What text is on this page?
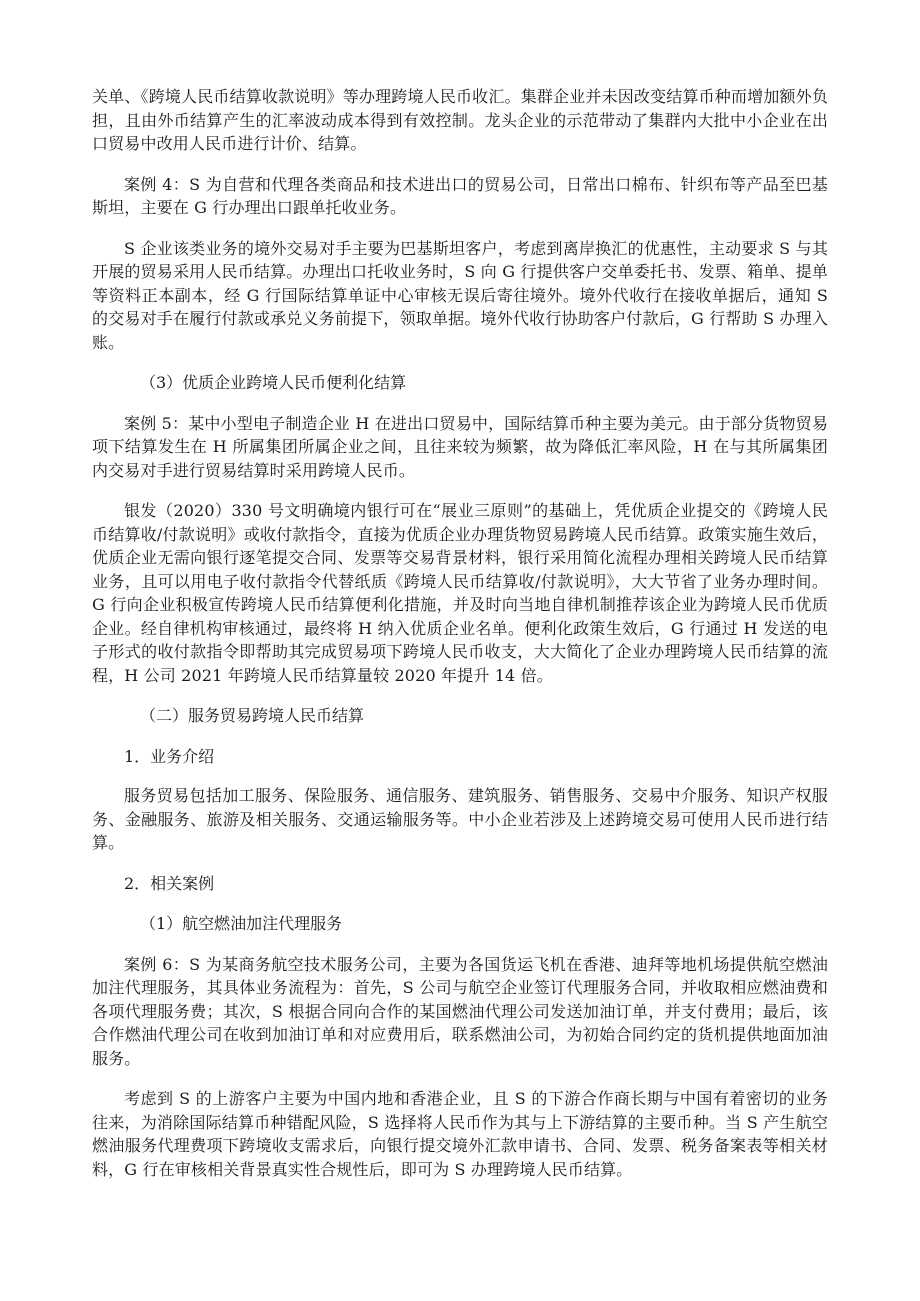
关单、《跨境人民币结算收款说明》等办理跨境人民币收汇。集群企业并未因改变结算币种而增加额外负担，且由外币结算产生的汇率波动成本得到有效控制。龙头企业的示范带动了集群内大批中小企业在出口贸易中改用人民币进行计价、结算。

案例 4：S 为自营和代理各类商品和技术进出口的贸易公司，日常出口棉布、针织布等产品至巴基斯坦，主要在 G 行办理出口跟单托收业务。

S 企业该类业务的境外交易对手主要为巴基斯坦客户，考虑到离岸换汇的优惠性，主动要求 S 与其开展的贸易采用人民币结算。办理出口托收业务时，S 向 G 行提供客户交单委托书、发票、箱单、提单等资料正本副本，经 G 行国际结算单证中心审核无误后寄往境外。境外代收行在接收单据后，通知 S 的交易对手在履行付款或承兑义务前提下，领取单据。境外代收行协助客户付款后，G 行帮助 S 办理入账。

（3）优质企业跨境人民币便利化结算

案例 5：某中小型电子制造企业 H 在进出口贸易中，国际结算币种主要为美元。由于部分货物贸易项下结算发生在 H 所属集团所属企业之间，且往来较为频繁，故为降低汇率风险，H 在与其所属集团内交易对手进行贸易结算时采用跨境人民币。

银发（2020）330 号文明确境内银行可在“展业三原则”的基础上，凭优质企业提交的《跨境人民币结算收/付款说明》或收付款指令，直接为优质企业办理货物贸易跨境人民币结算。政策实施生效后，优质企业无需向银行逐笔提交合同、发票等交易背景材料，银行采用简化流程办理相关跨境人民币结算业务，且可以用电子收付款指令代替纸质《跨境人民币结算收/付款说明》，大大节省了业务办理时间。G 行向企业积极宣传跨境人民币结算便利化措施，并及时向当地自律机制推荐该企业为跨境人民币优质企业。经自律机构审核通过，最终将 H 纳入优质企业名单。便利化政策生效后，G 行通过 H 发送的电子形式的收付款指令即帮助其完成贸易项下跨境人民币收支，大大简化了企业办理跨境人民币结算的流程，H 公司 2021 年跨境人民币结算量较 2020 年提升 14 倍。

（二）服务贸易跨境人民币结算

1．业务介绍

服务贸易包括加工服务、保险服务、通信服务、建筑服务、销售服务、交易中介服务、知识产权服务、金融服务、旅游及相关服务、交通运输服务等。中小企业若涉及上述跨境交易可使用人民币进行结算。

2．相关案例

（1）航空燃油加注代理服务

案例 6：S 为某商务航空技术服务公司，主要为各国货运飞机在香港、迪拜等地机场提供航空燃油加注代理服务，其具体业务流程为：首先，S 公司与航空企业签订代理服务合同，并收取相应燃油费和各项代理服务费；其次，S 根据合同向合作的某国燃油代理公司发送加油订单，并支付费用；最后，该合作燃油代理公司在收到加油订单和对应费用后，联系燃油公司，为初始合同约定的货机提供地面加油服务。

考虑到 S 的上游客户主要为中国内地和香港企业，且 S 的下游合作商长期与中国有着密切的业务往来，为消除国际结算币种错配风险，S 选择将人民币作为其与上下游结算的主要币种。当 S 产生航空燃油服务代理费项下跨境收支需求后，向银行提交境外汇款申请书、合同、发票、税务备案表等相关材料，G 行在审核相关背景真实性合规性后，即可为 S 办理跨境人民币结算。
